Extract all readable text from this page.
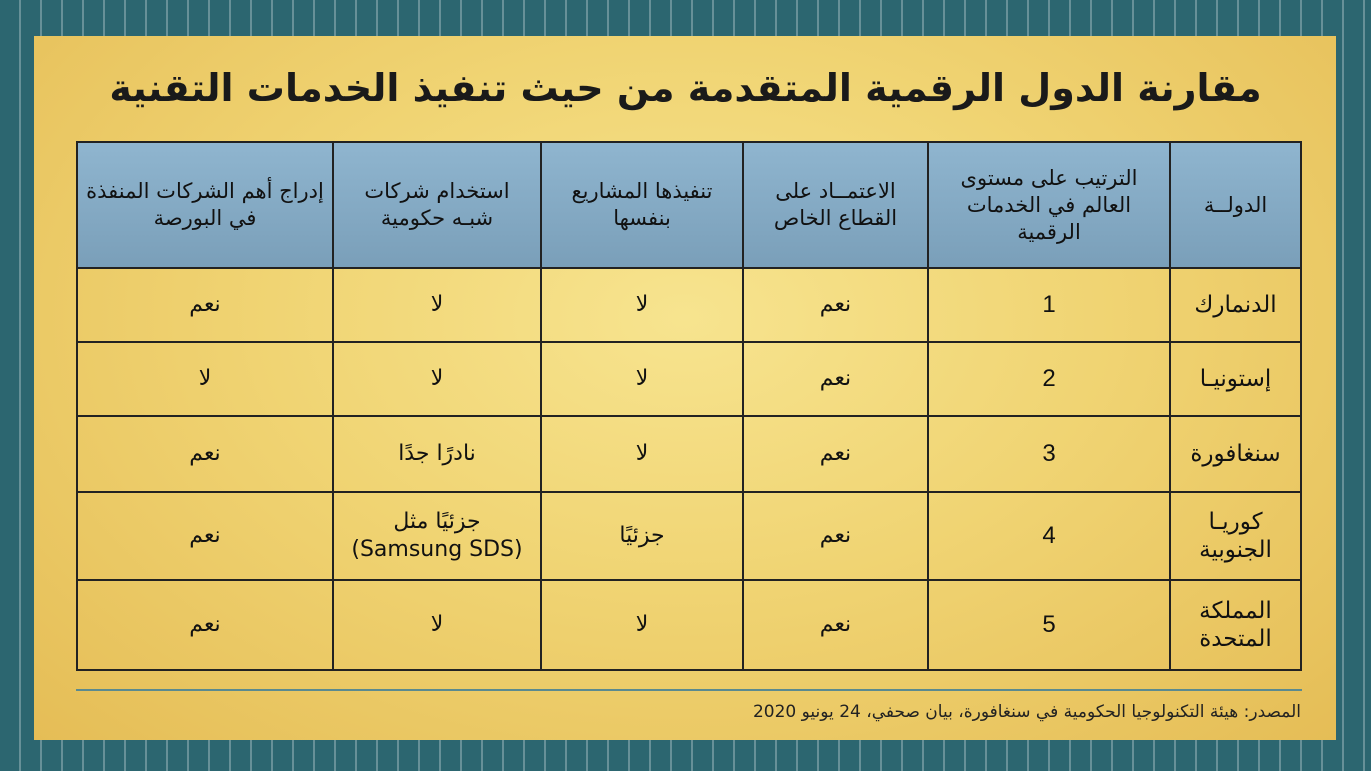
مقارنة الدول الرقمية المتقدمة من حيث تنفيذ الخدمات التقنية
الدولــة	الترتيب على مستوى العالم في الخدمات الرقمية	الاعتمــاد على القطاع الخاص	تنفيذها المشاريع بنفسها	استخدام شركات شبـه حكومية	إدراج أهم الشركات المنفذة في البورصة
الدنمارك	1	نعم	لا	لا	نعم
إستونيـا	2	نعم	لا	لا	لا
سنغافورة	3	نعم	لا	نادرًا جدًا	نعم
كوريـا الجنوبية	4	نعم	جزئيًا	جزئيًا مثل (Samsung SDS)	نعم
المملكة المتحدة	5	نعم	لا	لا	نعم

المصدر: هيئة التكنولوجيا الحكومية في سنغافورة، بيان صحفي، 24 يونيو 2020
